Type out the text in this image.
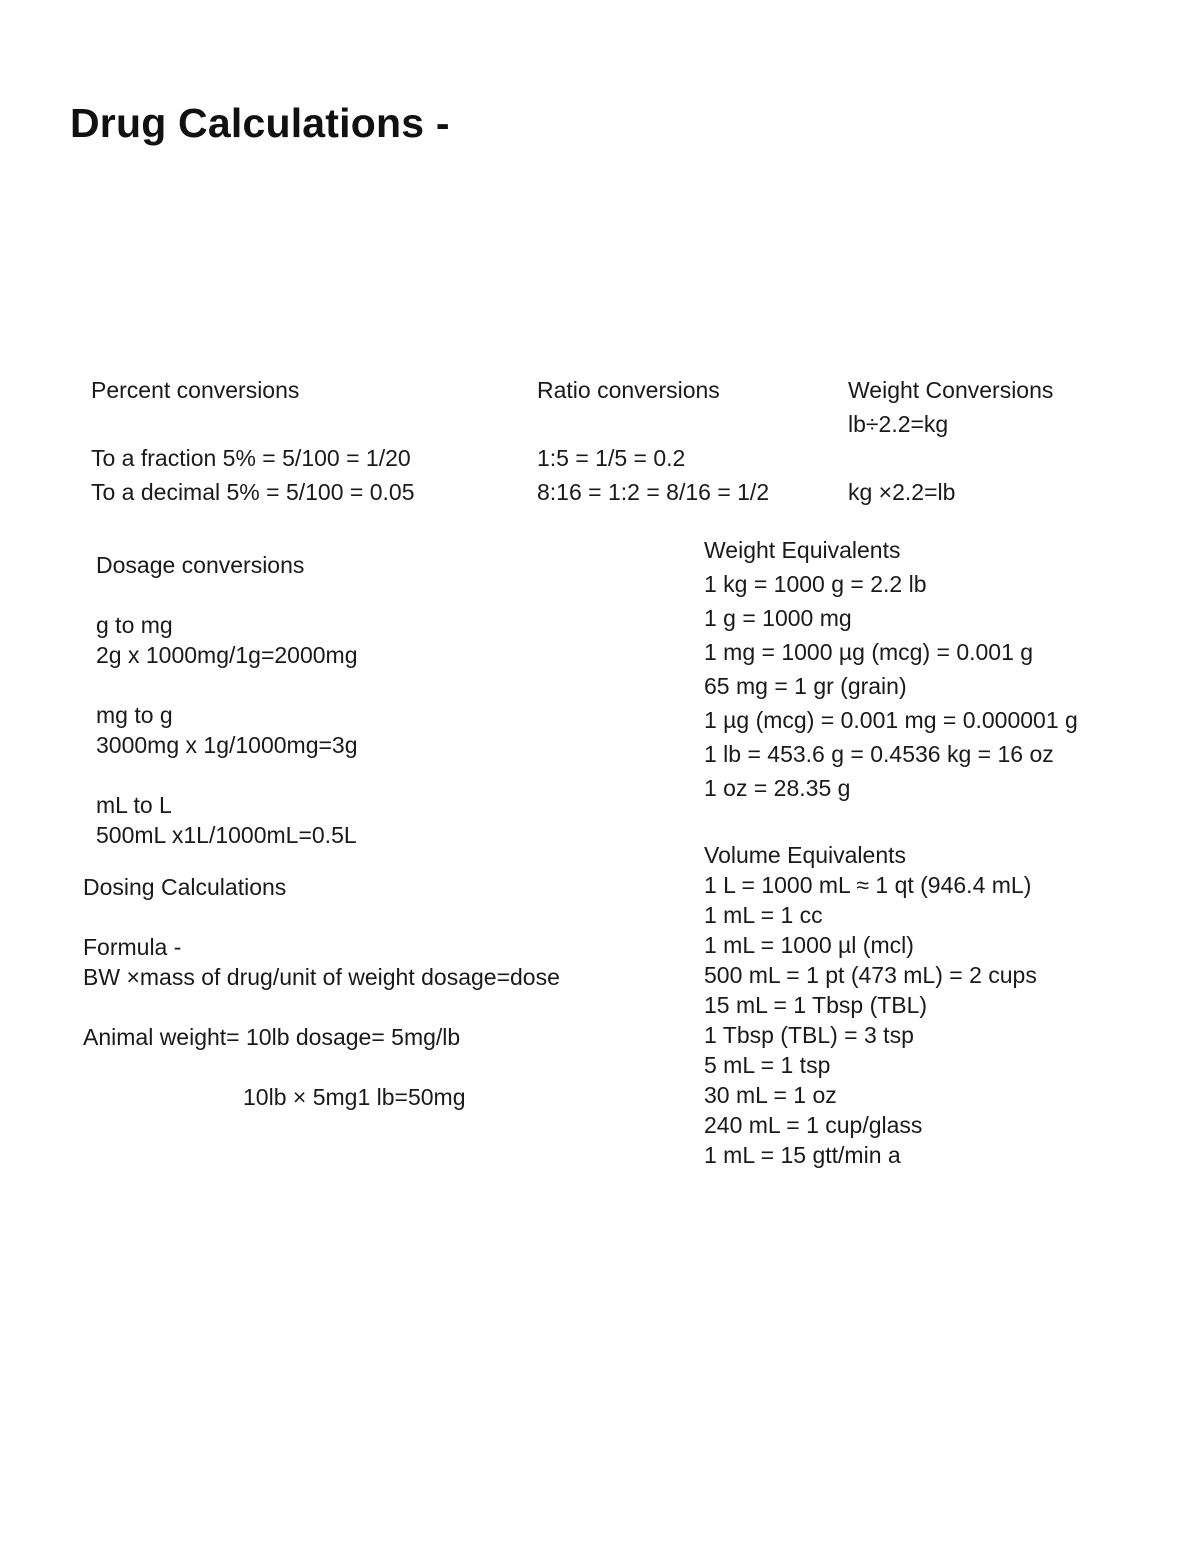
Drug Calculations -
Percent conversions
To a fraction 5% = 5/100 = 1/20
To a decimal 5% = 5/100 = 0.05
Ratio conversions
1:5 = 1/5 = 0.2
8:16 = 1:2 = 8/16 = 1/2
Weight Conversions
lb÷2.2=kg
kg ×2.2=lb
Dosage conversions
g to mg
2g x 1000mg/1g=2000mg
mg to g
3000mg x 1g/1000mg=3g
mL to L
500mL x1L/1000mL=0.5L
Dosing Calculations
Formula -
BW ×mass of drug/unit of weight dosage=dose
Animal weight= 10lb dosage= 5mg/lb
10lb × 5mg1 lb=50mg
Weight Equivalents
1 kg = 1000 g = 2.2 lb
1 g = 1000 mg
1 mg = 1000 µg (mcg) = 0.001 g
65 mg = 1 gr (grain)
1 µg (mcg) = 0.001 mg = 0.000001 g
1 lb = 453.6 g = 0.4536 kg = 16 oz
1 oz = 28.35 g
Volume Equivalents
1 L = 1000 mL ≈ 1 qt (946.4 mL)
1 mL = 1 cc
1 mL = 1000 µl (mcl)
500 mL = 1 pt (473 mL) = 2 cups
15 mL = 1 Tbsp (TBL)
1 Tbsp (TBL) = 3 tsp
5 mL = 1 tsp
30 mL = 1 oz
240 mL = 1 cup/glass
1 mL = 15 gtt/min a
